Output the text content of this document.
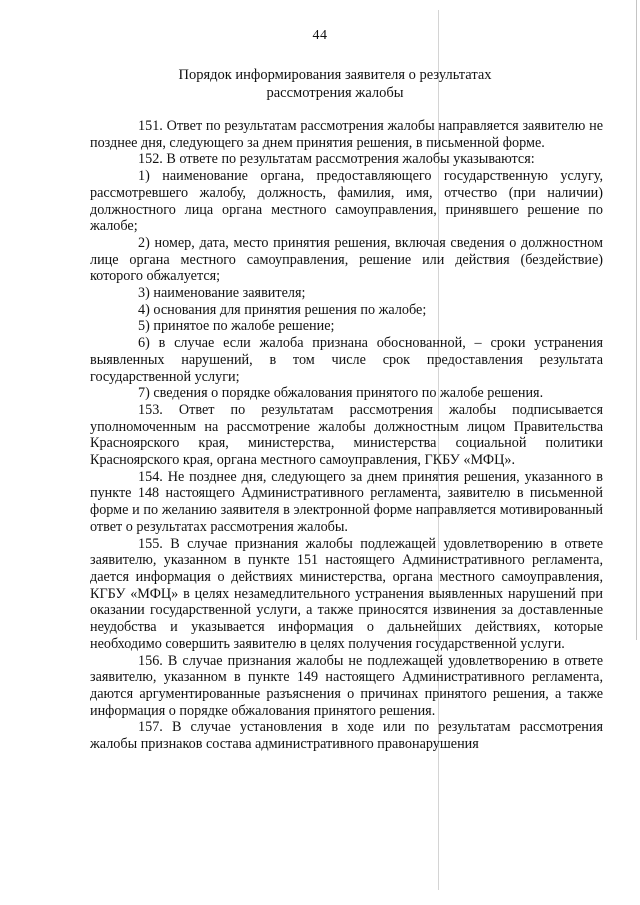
44
Порядок информирования заявителя о результатах
рассмотрения жалобы

151. Ответ по результатам рассмотрения жалобы направляется заявителю не позднее дня, следующего за днем принятия решения, в письменной форме.

152. В ответе по результатам рассмотрения жалобы указываются:

1) наименование органа, предоставляющего государственную услугу, рассмотревшего жалобу, должность, фамилия, имя, отчество (при наличии) должностного лица органа местного самоуправления, принявшего решение по жалобе;

2) номер, дата, место принятия решения, включая сведения о должностном лице органа местного самоуправления, решение или действия (бездействие) которого обжалуется;

3) наименование заявителя;

4) основания для принятия решения по жалобе;

5) принятое по жалобе решение;

6) в случае если жалоба признана обоснованной, – сроки устранения выявленных нарушений, в том числе срок предоставления результата государственной услуги;

7) сведения о порядке обжалования принятого по жалобе решения.

153. Ответ по результатам рассмотрения жалобы подписывается уполномоченным на рассмотрение жалобы должностным лицом Правительства Красноярского края, министерства, министерства социальной политики Красноярского края, органа местного самоуправления, ГКБУ «МФЦ».

154. Не позднее дня, следующего за днем принятия решения, указанного в пункте 148 настоящего Административного регламента, заявителю в письменной форме и по желанию заявителя в электронной форме направляется мотивированный ответ о результатах рассмотрения жалобы.

155. В случае признания жалобы подлежащей удовлетворению в ответе заявителю, указанном в пункте 151 настоящего Административного регламента, дается информация о действиях министерства, органа местного самоуправления, КГБУ «МФЦ» в целях незамедлительного устранения выявленных нарушений при оказании государственной услуги, а также приносятся извинения за доставленные неудобства и указывается информация о дальнейших действиях, которые необходимо совершить заявителю в целях получения государственной услуги.

156. В случае признания жалобы не подлежащей удовлетворению в ответе заявителю, указанном в пункте 149 настоящего Административного регламента, даются аргументированные разъяснения о причинах принятого решения, а также информация о порядке обжалования принятого решения.

157. В случае установления в ходе или по результатам рассмотрения жалобы признаков состава административного правонарушения
